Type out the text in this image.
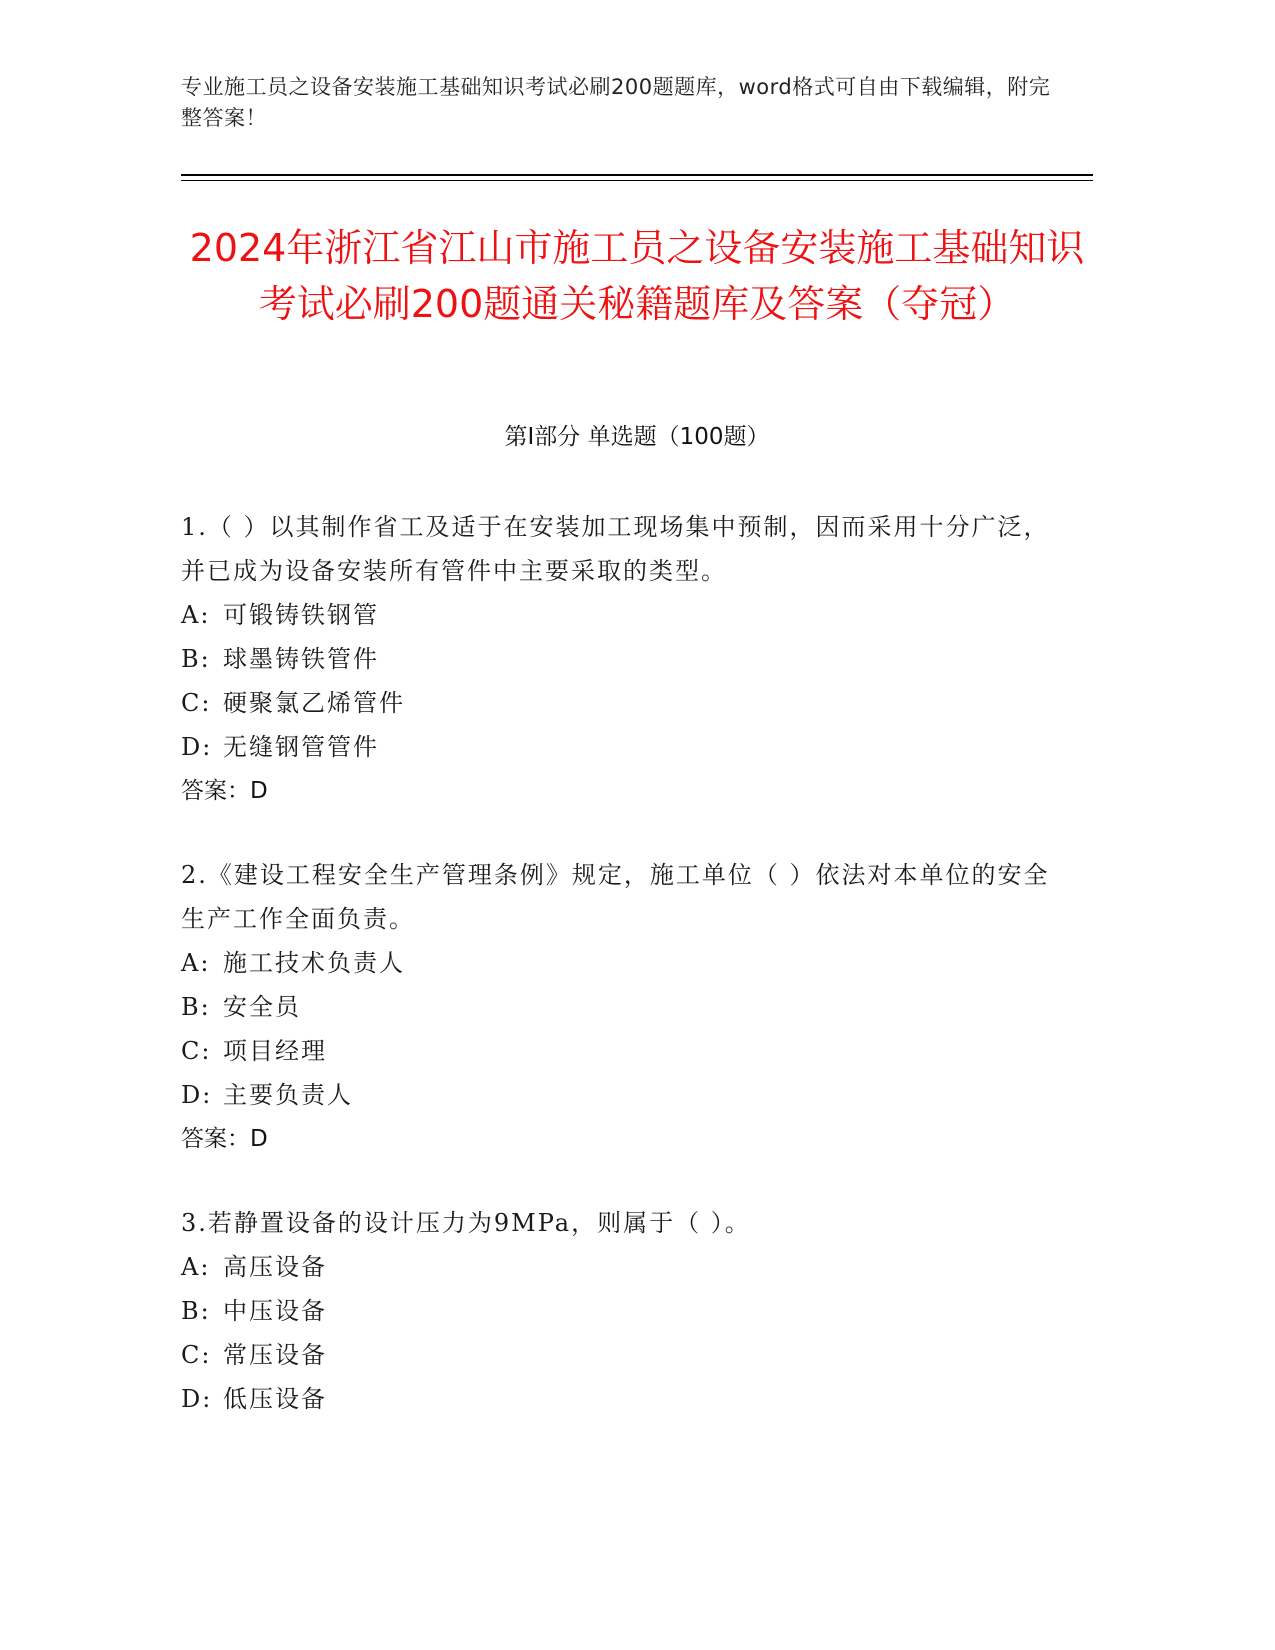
专业施工员之设备安装施工基础知识考试必刷200题题库，word格式可自由下载编辑，附完整答案！
2024年浙江省江山市施工员之设备安装施工基础知识考试必刷200题通关秘籍题库及答案（夺冠）
第I部分 单选题（100题）
1.（ ）以其制作省工及适于在安装加工现场集中预制，因而采用十分广泛，并已成为设备安装所有管件中主要采取的类型。
A: 可锻铸铁钢管
B: 球墨铸铁管件
C: 硬聚氯乙烯管件
D: 无缝钢管管件
答案：D
2.《建设工程安全生产管理条例》规定，施工单位（ ）依法对本单位的安全生产工作全面负责。
A: 施工技术负责人
B: 安全员
C: 项目经理
D: 主要负责人
答案：D
3.若静置设备的设计压力为9MPa，则属于（ ）。
A: 高压设备
B: 中压设备
C: 常压设备
D: 低压设备
